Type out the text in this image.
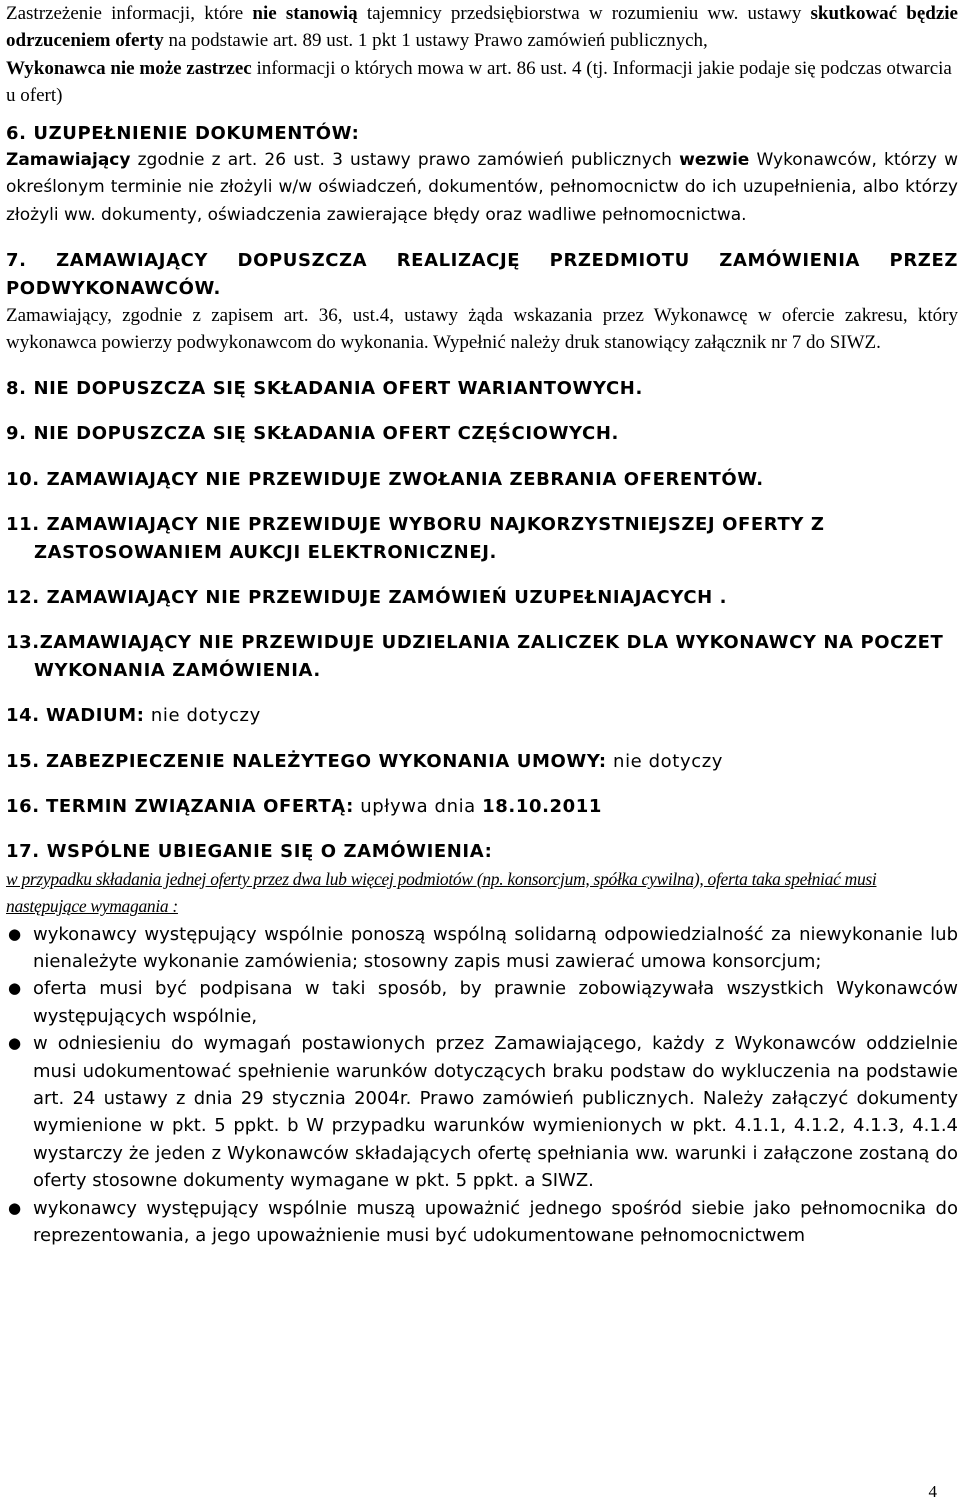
Zastrzeżenie informacji, które nie stanowią tajemnicy przedsiębiorstwa w rozumieniu ww. ustawy skutkować będzie odrzuceniem oferty na podstawie art. 89 ust. 1 pkt 1 ustawy Prawo zamówień publicznych,

Wykonawca nie może zastrzec informacji o których mowa w art. 86 ust. 4 (tj. Informacji jakie podaje się podczas otwarcia u ofert)

6. UZUPEŁNIENIE DOKUMENTÓW:

Zamawiający zgodnie z art. 26 ust. 3 ustawy prawo zamówień publicznych wezwie Wykonawców, którzy w określonym terminie nie złożyli w/w oświadczeń, dokumentów, pełnomocnictw do ich uzupełnienia, albo którzy złożyli ww. dokumenty, oświadczenia zawierające błędy oraz wadliwe pełnomocnictwa.

7. ZAMAWIAJĄCY DOPUSZCZA REALIZACJĘ PRZEDMIOTU ZAMÓWIENIA PRZEZ PODWYKONAWCÓW.

Zamawiający, zgodnie z zapisem art. 36, ust.4, ustawy żąda wskazania przez Wykonawcę w ofercie zakresu, który wykonawca powierzy podwykonawcom do wykonania. Wypełnić należy druk stanowiący załącznik nr 7 do SIWZ.

8. NIE DOPUSZCZA SIĘ SKŁADANIA OFERT WARIANTOWYCH.

9. NIE DOPUSZCZA SIĘ SKŁADANIA OFERT CZĘŚCIOWYCH.

10. ZAMAWIAJĄCY NIE PRZEWIDUJE ZWOŁANIA ZEBRANIA OFERENTÓW.

11. ZAMAWIAJĄCY NIE PRZEWIDUJE WYBORU NAJKORZYSTNIEJSZEJ OFERTY Z ZASTOSOWANIEM AUKCJI ELEKTRONICZNEJ.

12. ZAMAWIAJĄCY NIE PRZEWIDUJE ZAMÓWIEŃ UZUPEŁNIAJACYCH .

13.ZAMAWIAJĄCY NIE PRZEWIDUJE UDZIELANIA ZALICZEK DLA WYKONAWCY NA POCZET WYKONANIA ZAMÓWIENIA.

14. WADIUM: nie dotyczy

15. ZABEZPIECZENIE NALEŻYTEGO WYKONANIA UMOWY: nie dotyczy

16. TERMIN ZWIĄZANIA OFERTĄ: upływa dnia 18.10.2011

17. WSPÓLNE UBIEGANIE SIĘ O ZAMÓWIENIA:

w przypadku składania jednej oferty przez dwa lub więcej podmiotów (np. konsorcjum, spółka cywilna), oferta taka spełniać musi następujące wymagania :

● wykonawcy występujący wspólnie ponoszą wspólną solidarną odpowiedzialność za niewykonanie lub nienależyte wykonanie zamówienia; stosowny zapis musi zawierać umowa konsorcjum;
● oferta musi być podpisana w taki sposób, by prawnie zobowiązywała wszystkich Wykonawców występujących wspólnie,
● w odniesieniu do wymagań postawionych przez Zamawiającego, każdy z Wykonawców oddzielnie musi udokumentować spełnienie warunków dotyczących braku podstaw do wykluczenia na podstawie art. 24 ustawy z dnia 29 stycznia 2004r. Prawo zamówień publicznych. Należy załączyć dokumenty wymienione w pkt. 5 ppkt. b W przypadku warunków wymienionych w pkt. 4.1.1, 4.1.2, 4.1.3, 4.1.4 wystarczy że jeden z Wykonawców składających ofertę spełniania ww. warunki i załączone zostaną do oferty stosowne dokumenty wymagane w pkt. 5 ppkt. a SIWZ.
● wykonawcy występujący wspólnie muszą upoważnić jednego spośród siebie jako pełnomocnika do reprezentowania, a jego upoważnienie musi być udokumentowane pełnomocnictwem
4
